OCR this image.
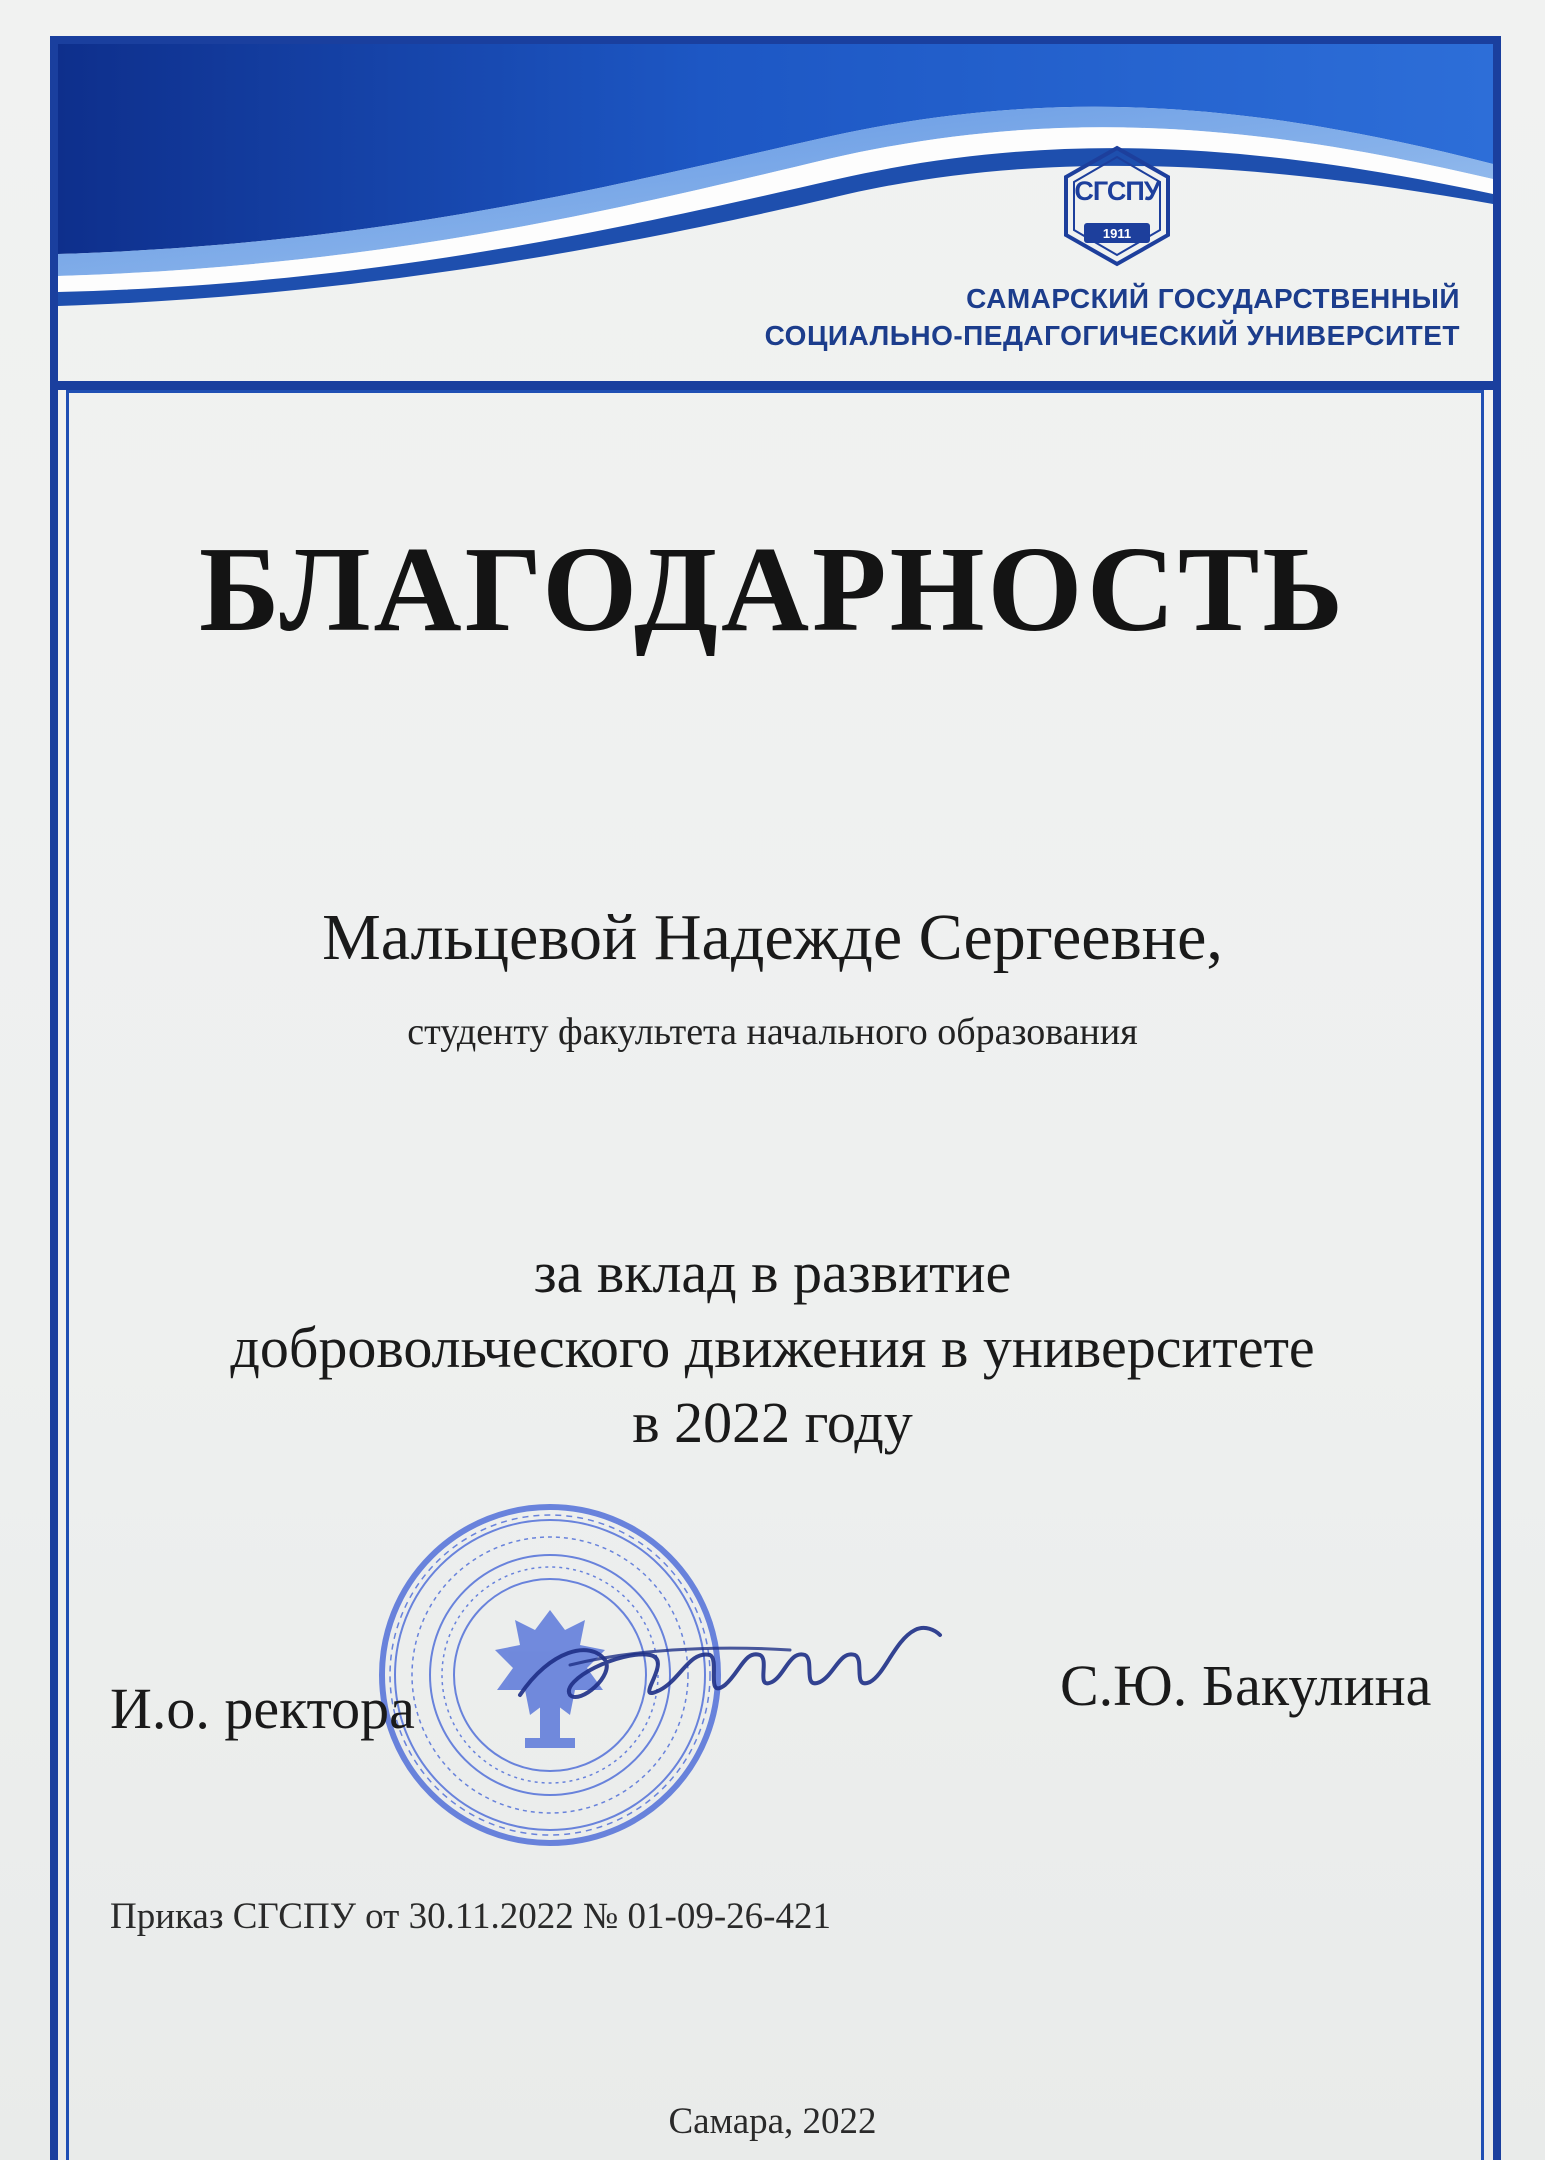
1911
СГСПУ
САМАРСКИЙ ГОСУДАРСТВЕННЫЙ
СОЦИАЛЬНО-ПЕДАГОГИЧЕСКИЙ УНИВЕРСИТЕТ
БЛАГОДАРНОСТЬ
Мальцевой Надежде Сергеевне,
студенту факультета начального образования
за вклад в развитие
добровольческого движения в университете
в 2022 году
И.о. ректора	С.Ю. Бакулина
Приказ СГСПУ от 30.11.2022 № 01-09-26-421
Самара, 2022
